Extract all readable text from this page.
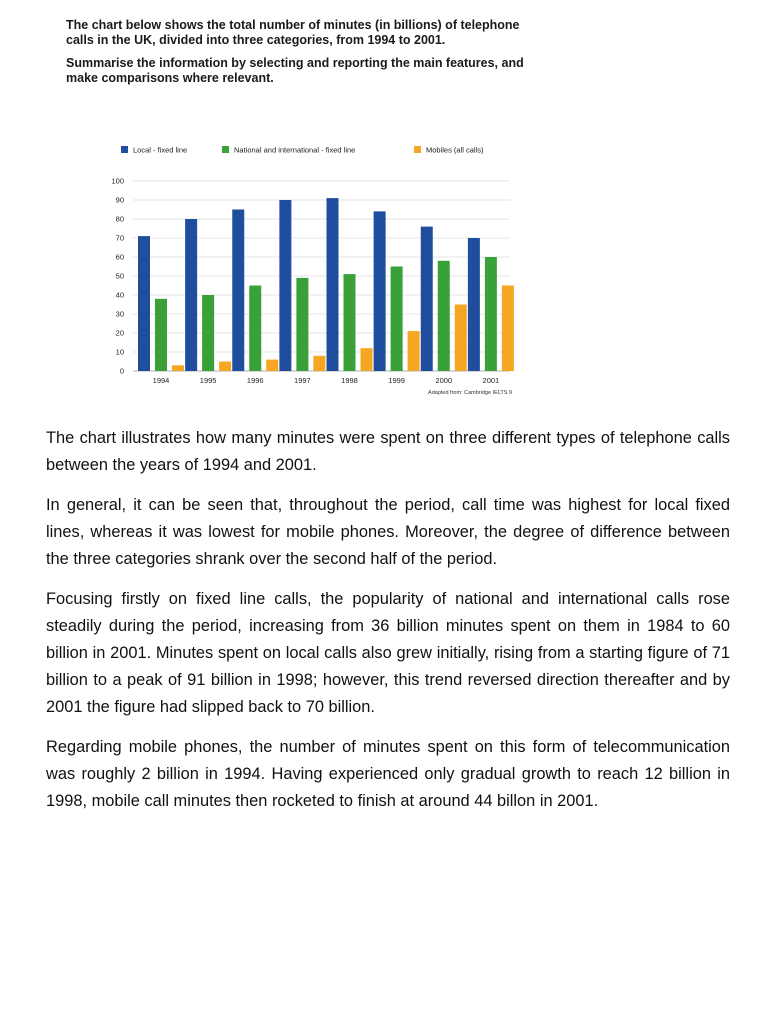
The chart below shows the total number of minutes (in billions) of telephone calls in the UK, divided into three categories, from 1994 to 2001.

Summarise the information by selecting and reporting the main features, and make comparisons where relevant.

Local - fixed line	National and international - fixed line	Mobiles (all calls)
0
10
20
30
40
50
60
70
80
90
100
1994	1995	1996	1997	1998	1999	2000	2001
Adapted from: Cambridge IELTS 9

The chart illustrates how many minutes were spent on three different types of telephone calls between the years of 1994 and 2001.

In general, it can be seen that, throughout the period, call time was highest for local fixed lines, whereas it was lowest for mobile phones. Moreover, the degree of difference between the three categories shrank over the second half of the period.

Focusing firstly on fixed line calls, the popularity of national and international calls rose steadily during the period, increasing from 36 billion minutes spent on them in 1984 to 60 billion in 2001. Minutes spent on local calls also grew initially, rising from a starting figure of 71 billion to a peak of 91 billion in 1998; however, this trend reversed direction thereafter and by 2001 the figure had slipped back to 70 billion.

Regarding mobile phones, the number of minutes spent on this form of telecommunication was roughly 2 billion in 1994. Having experienced only gradual growth to reach 12 billion in 1998, mobile call minutes then rocketed to finish at around 44 billon in 2001.
